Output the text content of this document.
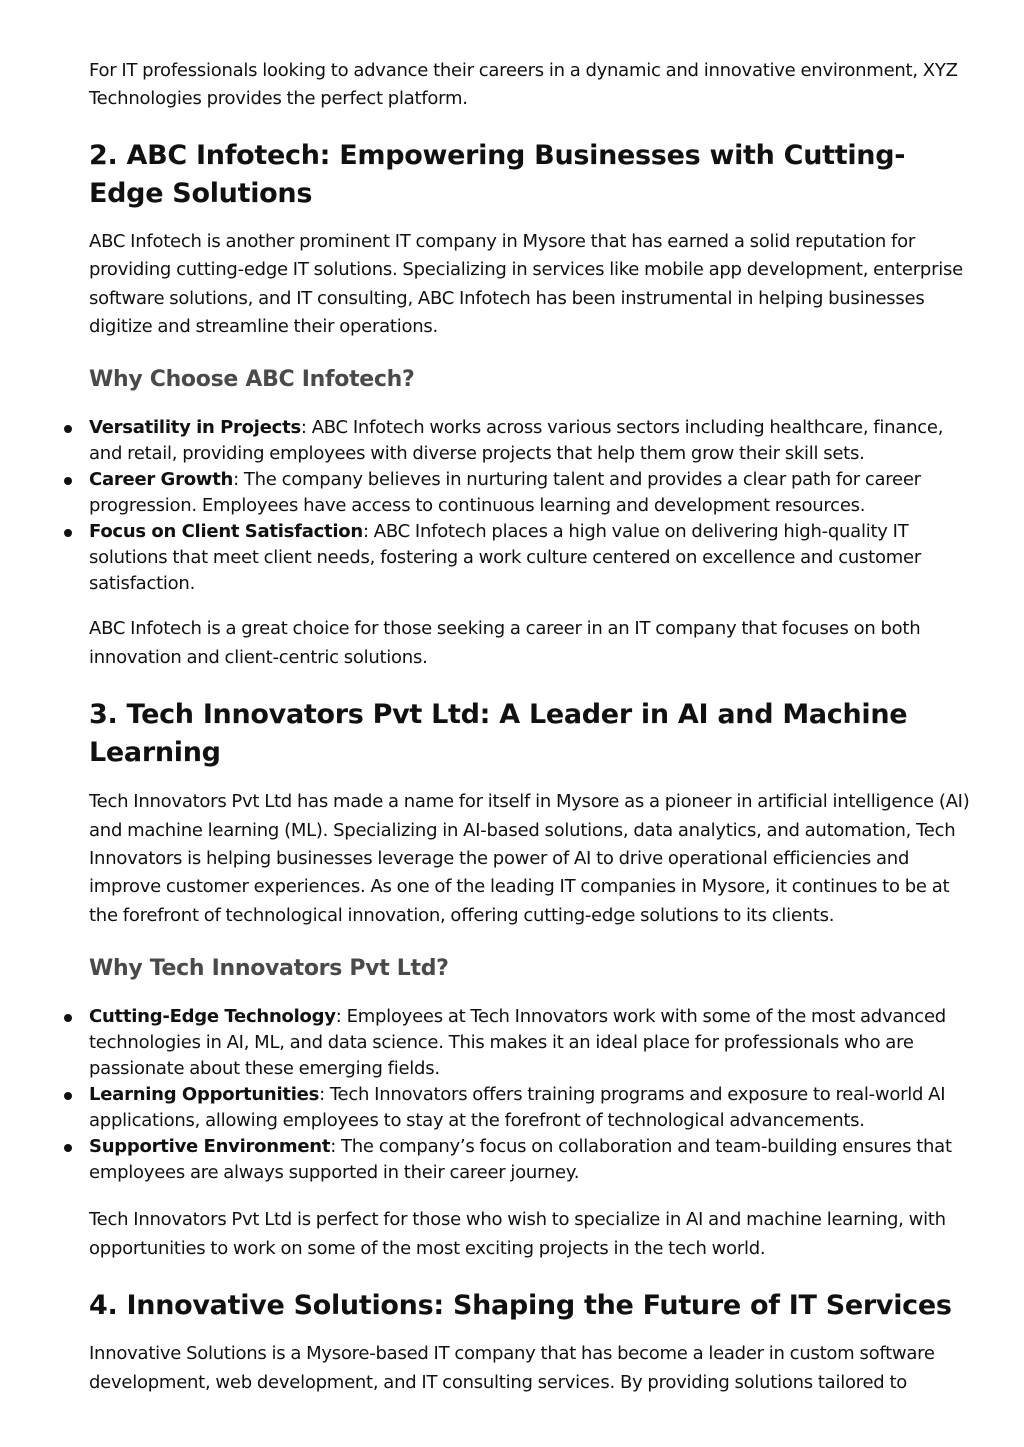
For IT professionals looking to advance their careers in a dynamic and innovative environment, XYZ Technologies provides the perfect platform.

2. ABC Infotech: Empowering Businesses with Cutting-Edge Solutions

ABC Infotech is another prominent IT company in Mysore that has earned a solid reputation for providing cutting-edge IT solutions. Specializing in services like mobile app development, enterprise software solutions, and IT consulting, ABC Infotech has been instrumental in helping businesses digitize and streamline their operations.

Why Choose ABC Infotech?
Versatility in Projects: ABC Infotech works across various sectors including healthcare, finance, and retail, providing employees with diverse projects that help them grow their skill sets.
Career Growth: The company believes in nurturing talent and provides a clear path for career progression. Employees have access to continuous learning and development resources.
Focus on Client Satisfaction: ABC Infotech places a high value on delivering high-quality IT solutions that meet client needs, fostering a work culture centered on excellence and customer satisfaction.

ABC Infotech is a great choice for those seeking a career in an IT company that focuses on both innovation and client-centric solutions.

3. Tech Innovators Pvt Ltd: A Leader in AI and Machine Learning

Tech Innovators Pvt Ltd has made a name for itself in Mysore as a pioneer in artificial intelligence (AI) and machine learning (ML). Specializing in AI-based solutions, data analytics, and automation, Tech Innovators is helping businesses leverage the power of AI to drive operational efficiencies and improve customer experiences. As one of the leading IT companies in Mysore, it continues to be at the forefront of technological innovation, offering cutting-edge solutions to its clients.

Why Tech Innovators Pvt Ltd?
Cutting-Edge Technology: Employees at Tech Innovators work with some of the most advanced technologies in AI, ML, and data science. This makes it an ideal place for professionals who are passionate about these emerging fields.
Learning Opportunities: Tech Innovators offers training programs and exposure to real-world AI applications, allowing employees to stay at the forefront of technological advancements.
Supportive Environment: The company’s focus on collaboration and team-building ensures that employees are always supported in their career journey.

Tech Innovators Pvt Ltd is perfect for those who wish to specialize in AI and machine learning, with opportunities to work on some of the most exciting projects in the tech world.

4. Innovative Solutions: Shaping the Future of IT Services

Innovative Solutions is a Mysore-based IT company that has become a leader in custom software development, web development, and IT consulting services. By providing solutions tailored to
